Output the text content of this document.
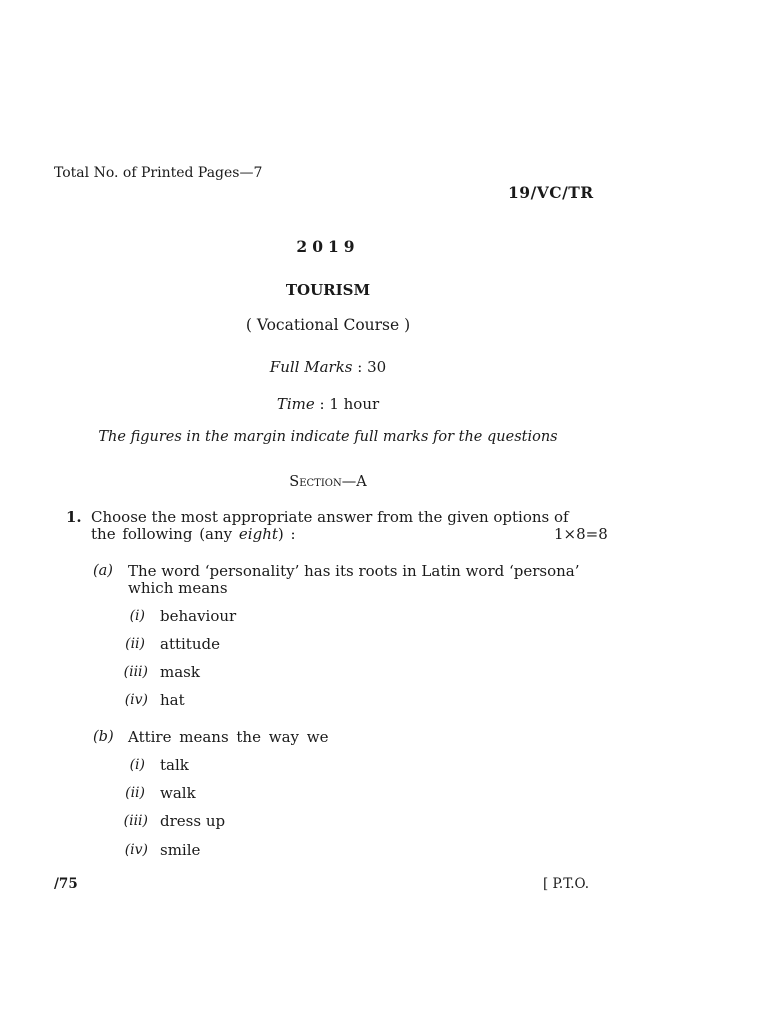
Total No. of Printed Pages—7
19/VC/TR
2019
TOURISM
( Vocational Course )
Full Marks : 30
Time : 1 hour
The figures in the margin indicate full marks for the questions
Section—A
1. Choose the most appropriate answer from the given options of
the following (any eight) :	1×8=8
(a) The word ‘personality’ has its roots in Latin word ‘persona’
which means
(i) behaviour
(ii) attitude
(iii) mask
(iv) hat
(b) Attire means the way we
(i) talk
(ii) walk
(iii) dress up
(iv) smile
/75	[ P.T.O.
